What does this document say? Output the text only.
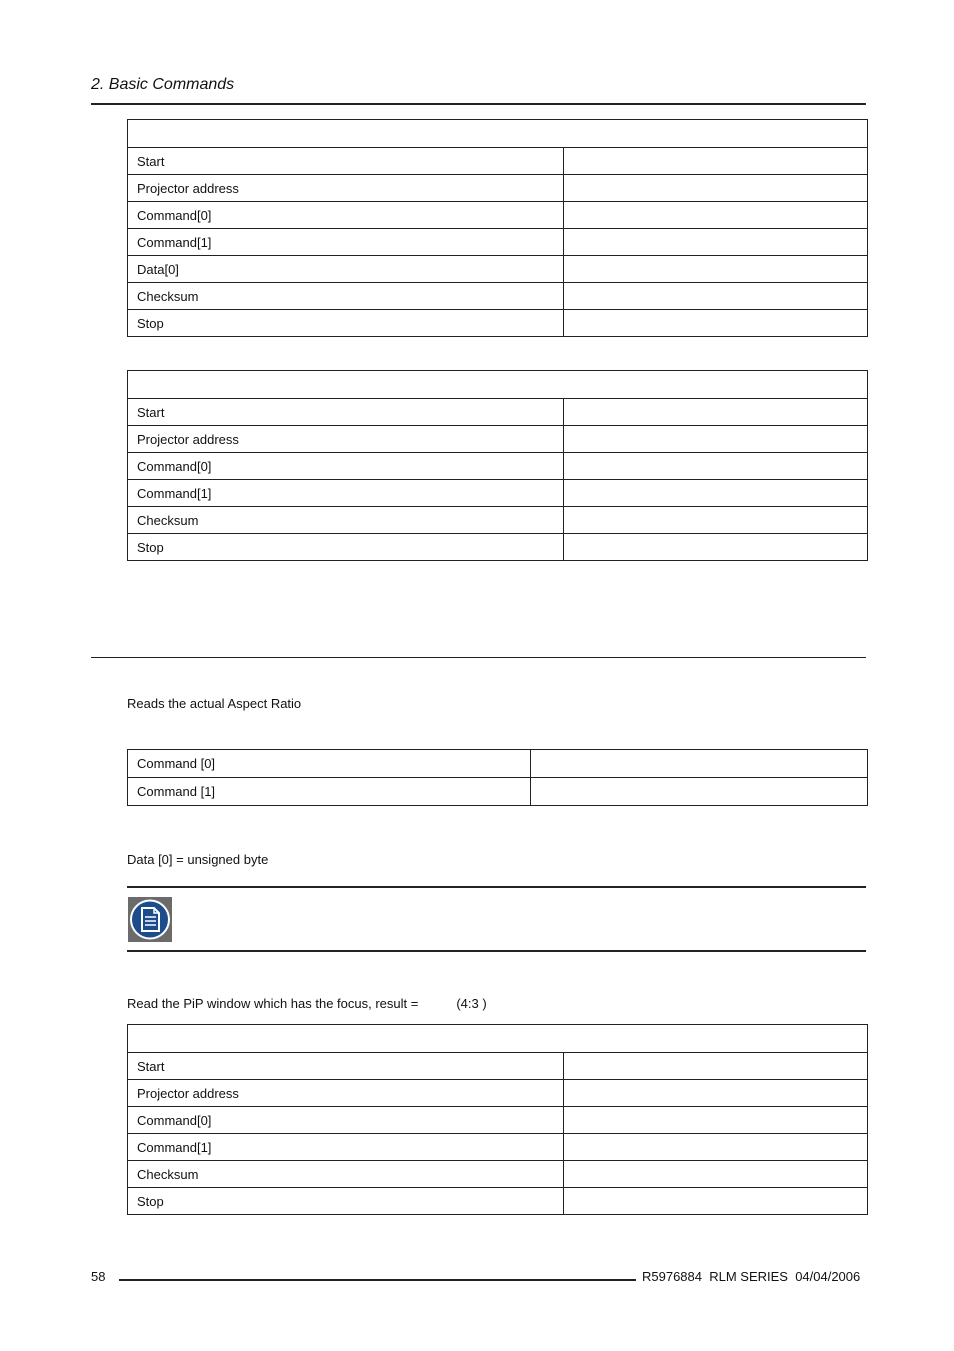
2. Basic Commands

Start	
Projector address	
Command[0]	
Command[1]	
Data[0]	
Checksum	
Stop	

Start	
Projector address	
Command[0]	
Command[1]	
Checksum	
Stop	
Reads the actual Aspect Ratio
Command [0]	
Command [1]	
Data [0] = unsigned byte
Read the PiP window which has the focus, result =	(4:3 )

Start	
Projector address	
Command[0]	
Command[1]	
Checksum	
Stop	
58	R5976884  RLM SERIES  04/04/2006
